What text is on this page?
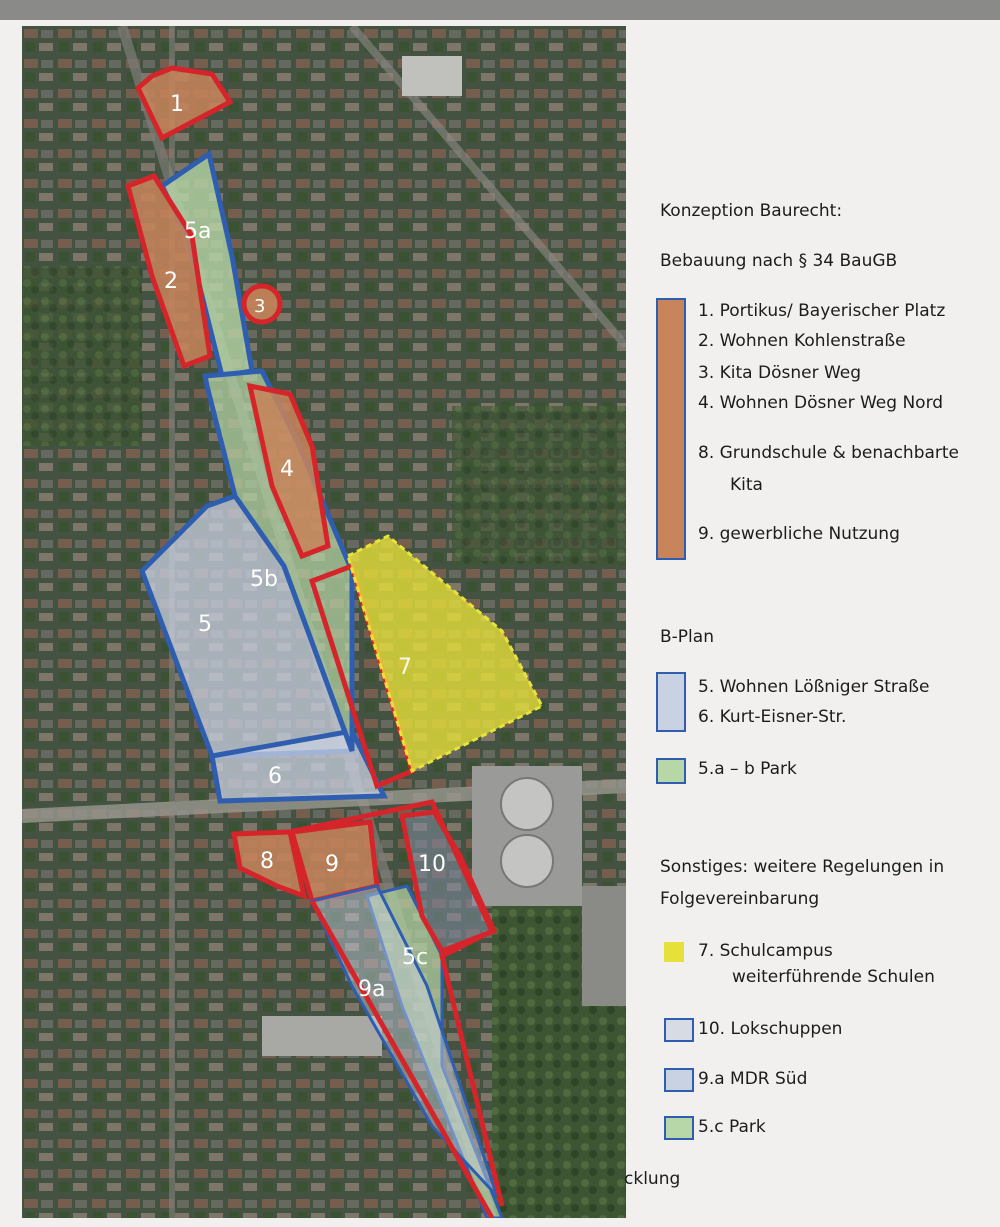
1
5a
2
3
4
5b
5
7
6
8 9	10
5c
9a
Konzeption Baurecht:
Bebauung nach § 34 BauGB
1. Portikus/ Bayerischer Platz
2. Wohnen Kohlenstraße
3. Kita Dösner Weg
4. Wohnen Dösner Weg Nord
8. Grundschule & benachbarte
Kita
9. gewerbliche Nutzung
B-Plan
5. Wohnen Lößniger Straße
6. Kurt-Eisner-Str.
5.a – b Park
Sonstiges: weitere Regelungen in
Folgevereinbarung
7. Schulcampus
weiterführende Schulen
10. Lokschuppen
9.a MDR Süd
5.c Park
cklung
